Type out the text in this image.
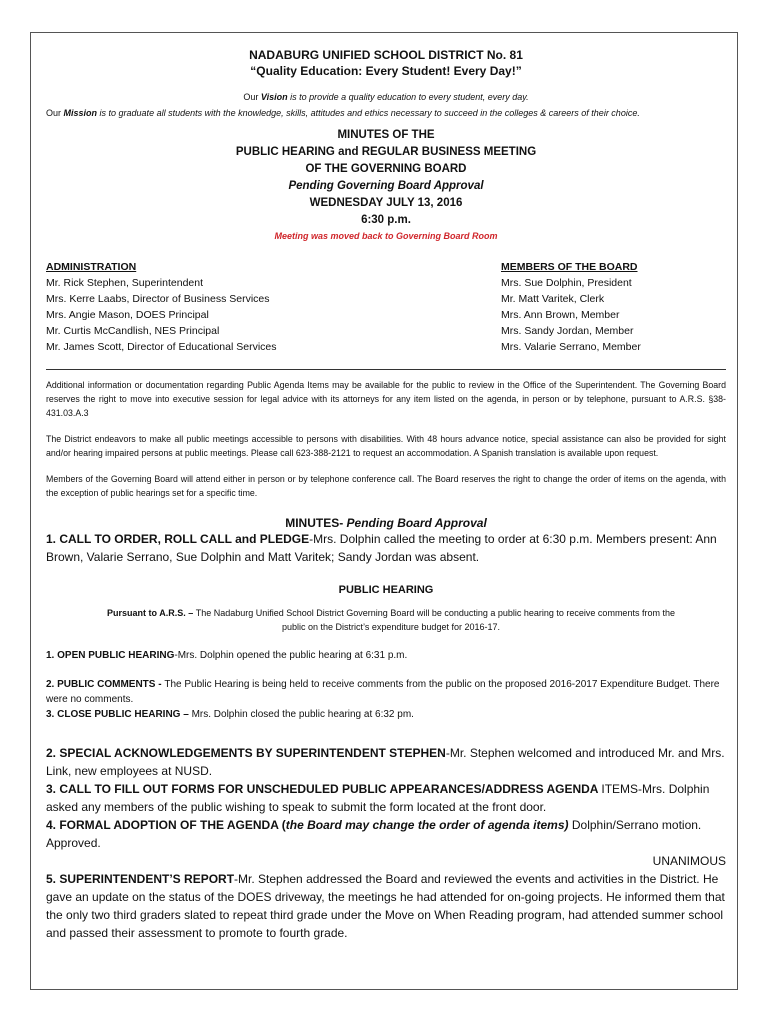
NADABURG UNIFIED SCHOOL DISTRICT No. 81
“Quality Education: Every Student! Every Day!”
Our Vision is to provide a quality education to every student, every day.
Our Mission is to graduate all students with the knowledge, skills, attitudes and ethics necessary to succeed in the colleges & careers of their choice.
MINUTES OF THE
PUBLIC HEARING and REGULAR BUSINESS MEETING
OF THE GOVERNING BOARD
Pending Governing Board Approval
WEDNESDAY JULY 13, 2016
6:30 p.m.
Meeting was moved back to Governing Board Room
ADMINISTRATION
Mr. Rick Stephen, Superintendent
Mrs. Kerre Laabs, Director of Business Services
Mrs. Angie Mason, DOES Principal
Mr. Curtis McCandlish, NES Principal
Mr. James Scott, Director of Educational Services
MEMBERS OF THE BOARD
Mrs. Sue Dolphin, President
Mr. Matt Varitek, Clerk
Mrs. Ann Brown, Member
Mrs. Sandy Jordan, Member
Mrs. Valarie Serrano, Member
Additional information or documentation regarding Public Agenda Items may be available for the public to review in the Office of the Superintendent. The Governing Board reserves the right to move into executive session for legal advice with its attorneys for any item listed on the agenda, in person or by telephone, pursuant to A.R.S. §38-431.03.A.3
The District endeavors to make all public meetings accessible to persons with disabilities. With 48 hours advance notice, special assistance can also be provided for sight and/or hearing impaired persons at public meetings. Please call 623-388-2121 to request an accommodation. A Spanish translation is available upon request.
Members of the Governing Board will attend either in person or by telephone conference call. The Board reserves the right to change the order of items on the agenda, with the exception of public hearings set for a specific time.
MINUTES- Pending Board Approval
1. CALL TO ORDER, ROLL CALL and PLEDGE-Mrs. Dolphin called the meeting to order at 6:30 p.m. Members present: Ann Brown, Valarie Serrano, Sue Dolphin and Matt Varitek; Sandy Jordan was absent.
PUBLIC HEARING
Pursuant to A.R.S. – The Nadaburg Unified School District Governing Board will be conducting a public hearing to receive comments from the public on the District’s expenditure budget for 2016-17.
1. OPEN PUBLIC HEARING-Mrs. Dolphin opened the public hearing at 6:31 p.m.
2. PUBLIC COMMENTS - The Public Hearing is being held to receive comments from the public on the proposed 2016-2017 Expenditure Budget. There were no comments.
3. CLOSE PUBLIC HEARING – Mrs. Dolphin closed the public hearing at 6:32 pm.
2. SPECIAL ACKNOWLEDGEMENTS BY SUPERINTENDENT STEPHEN-Mr. Stephen welcomed and introduced Mr. and Mrs. Link, new employees at NUSD.
3. CALL TO FILL OUT FORMS FOR UNSCHEDULED PUBLIC APPEARANCES/ADDRESS AGENDA ITEMS-Mrs. Dolphin asked any members of the public wishing to speak to submit the form located at the front door.
4. FORMAL ADOPTION OF THE AGENDA (the Board may change the order of agenda items) Dolphin/Serrano motion. Approved.
UNANIMOUS
5. SUPERINTENDENT’S REPORT-Mr. Stephen addressed the Board and reviewed the events and activities in the District. He gave an update on the status of the DOES driveway, the meetings he had attended for on-going projects. He informed them that the only two third graders slated to repeat third grade under the Move on When Reading program, had attended summer school and passed their assessment to promote to fourth grade.
